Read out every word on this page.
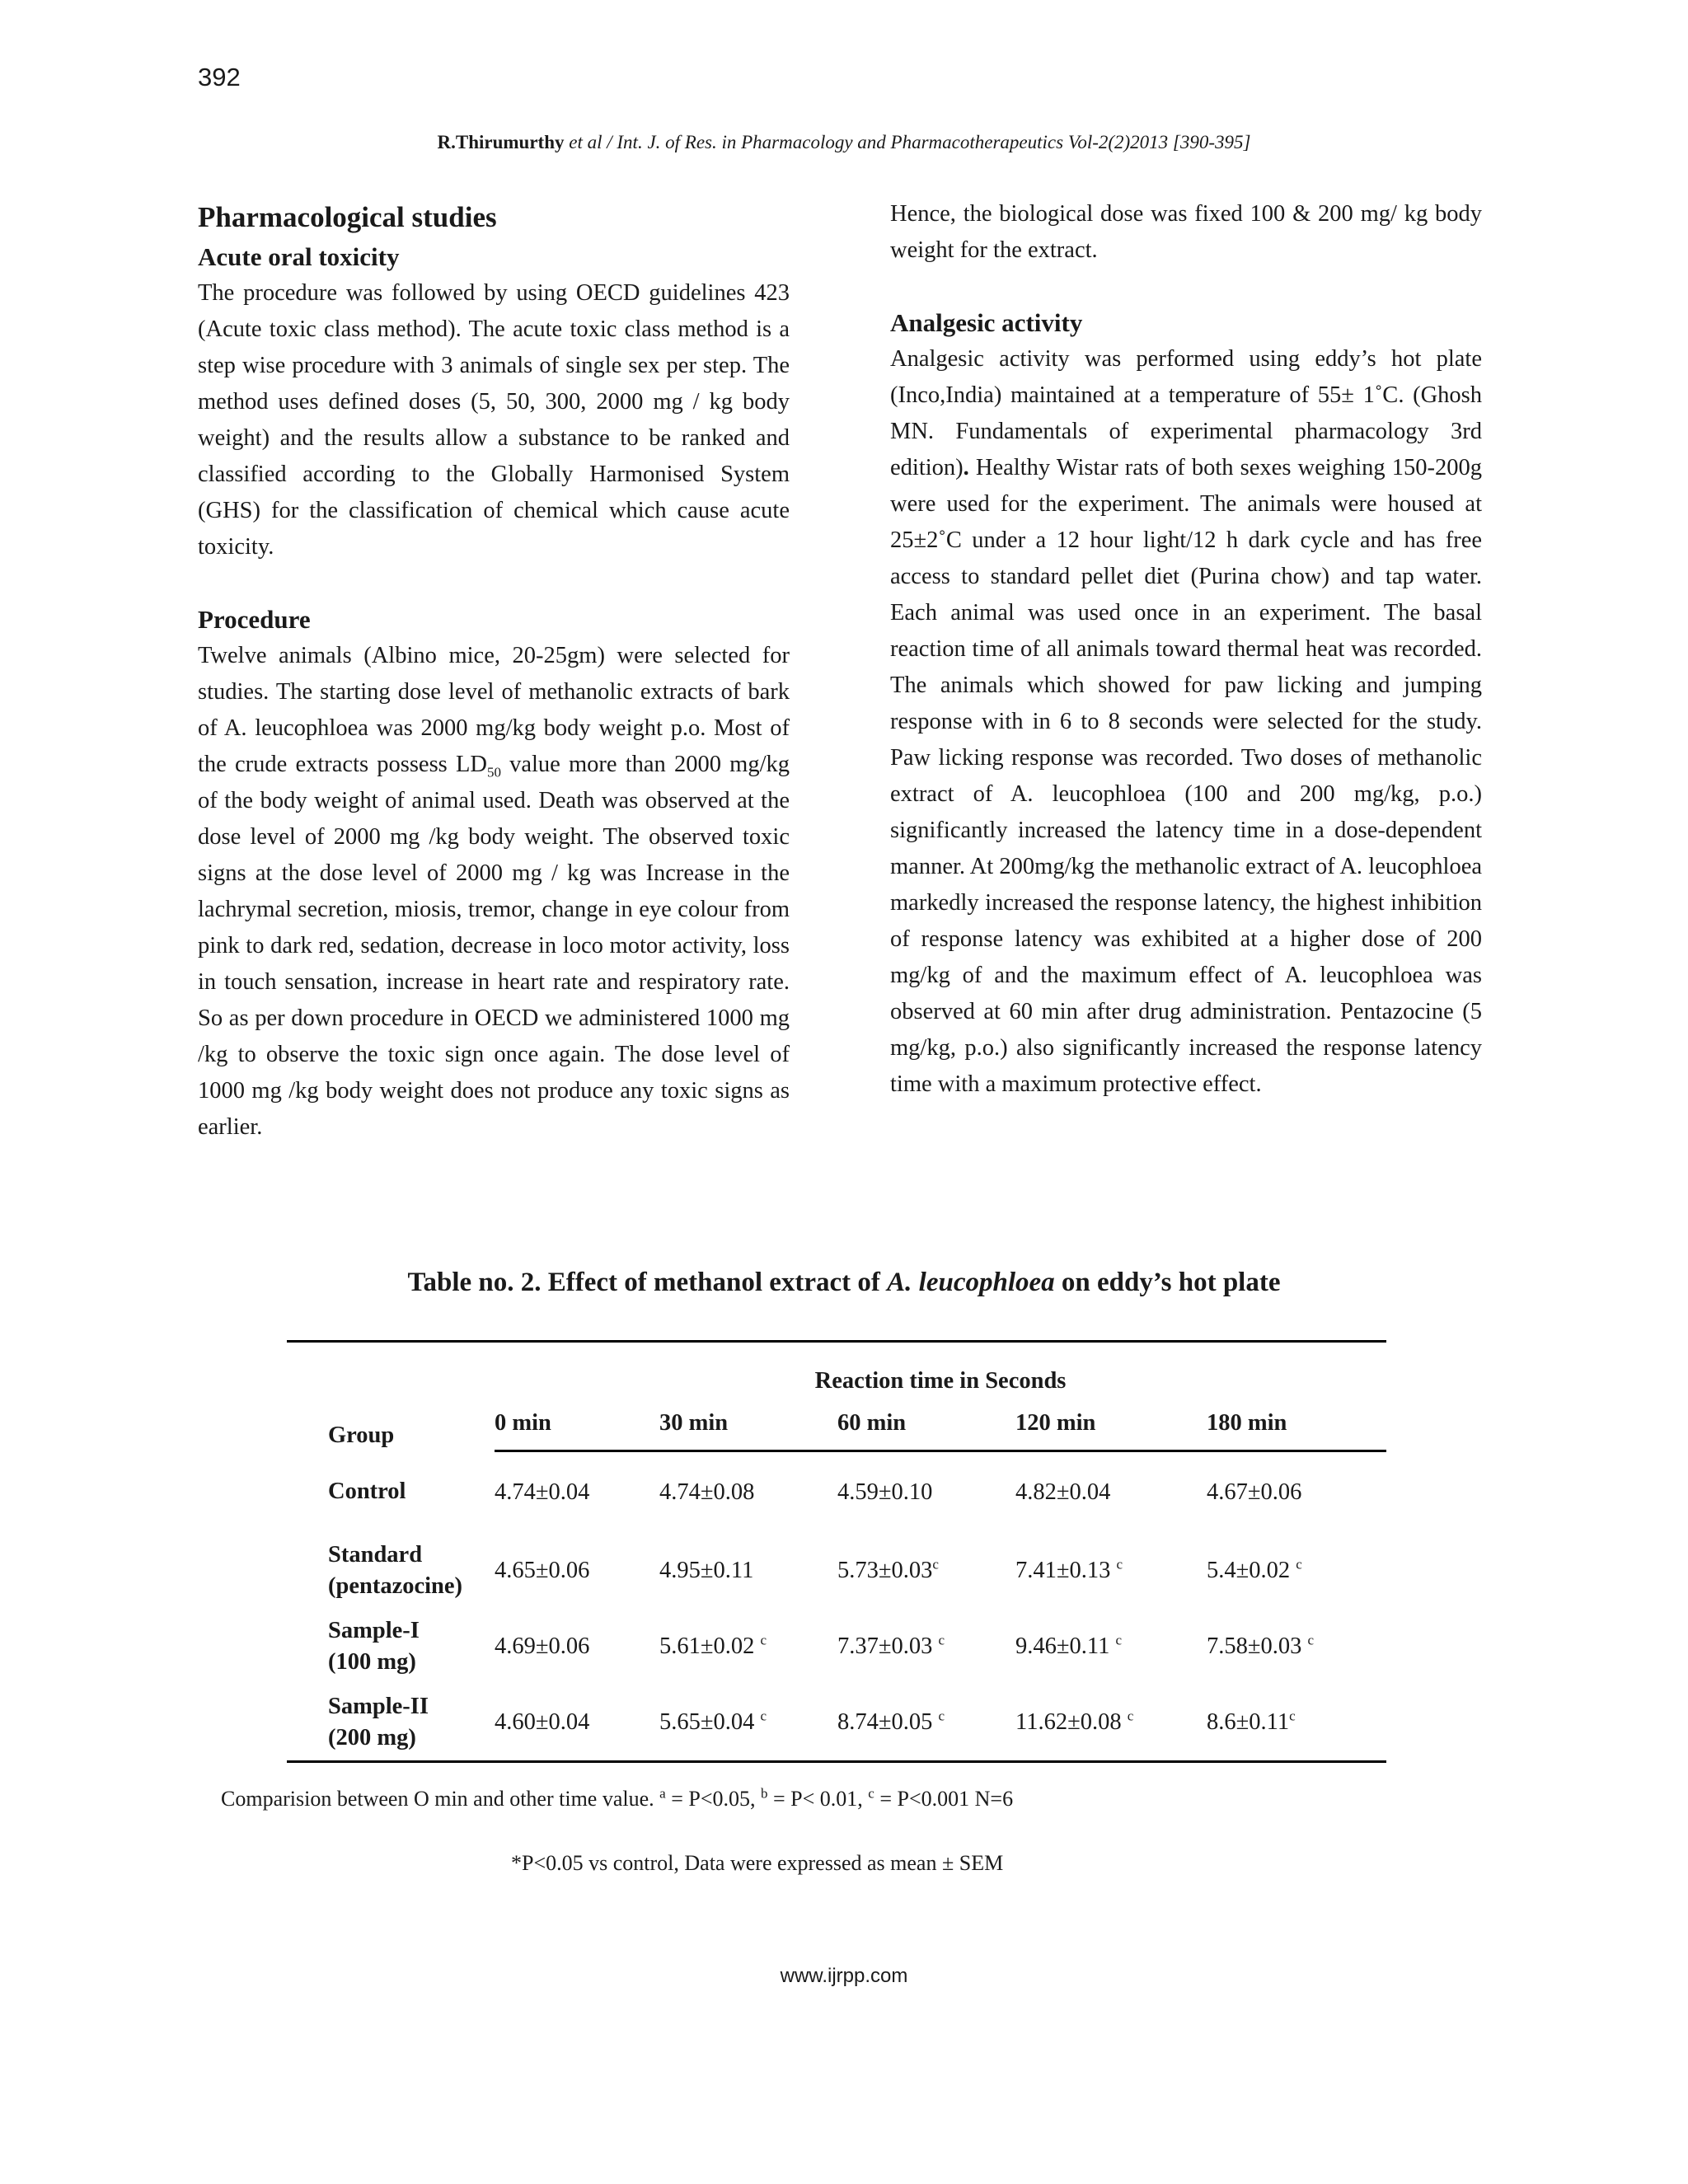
392
R.Thirumurthy et al / Int. J. of Res. in Pharmacology and Pharmacotherapeutics Vol-2(2)2013 [390-395]
Pharmacological studies
Acute oral toxicity

The procedure was followed by using OECD guidelines 423 (Acute toxic class method). The acute toxic class method is a step wise procedure with 3 animals of single sex per step. The method uses defined doses (5, 50, 300, 2000 mg / kg body weight) and the results allow a substance to be ranked and classified according to the Globally Harmonised System (GHS) for the classification of chemical which cause acute toxicity.

Procedure

Twelve animals (Albino mice, 20-25gm) were selected for studies. The starting dose level of methanolic extracts of bark of A. leucophloea was 2000 mg/kg body weight p.o. Most of the crude extracts possess $LD_{50}$ value more than 2000 mg/kg of the body weight of animal used. Death was observed at the dose level of 2000 mg /kg body weight. The observed toxic signs at the dose level of 2000 mg / kg was Increase in the lachrymal secretion, miosis, tremor, change in eye colour from pink to dark red, sedation, decrease in loco motor activity, loss in touch sensation, increase in heart rate and respiratory rate. So as per down procedure in OECD we administered 1000 mg /kg to observe the toxic sign once again. The dose level of 1000 mg /kg body weight does not produce any toxic signs as earlier.

Hence, the biological dose was fixed 100 & 200 mg/ kg body weight for the extract.

Analgesic activity

Analgesic activity was performed using eddy’s hot plate (Inco,India) maintained at a temperature of 55± 1˚C. (Ghosh MN. Fundamentals of experimental pharmacology 3rd edition). Healthy Wistar rats of both sexes weighing 150-200g were used for the experiment. The animals were housed at 25±2˚C under a 12 hour light/12 h dark cycle and has free access to standard pellet diet (Purina chow) and tap water. Each animal was used once in an experiment. The basal reaction time of all animals toward thermal heat was recorded. The animals which showed for paw licking and jumping response with in 6 to 8 seconds were selected for the study. Paw licking response was recorded. Two doses of methanolic extract of A. leucophloea (100 and 200 mg/kg, p.o.) significantly increased the latency time in a dose-dependent manner. At 200mg/kg the methanolic extract of A. leucophloea markedly increased the response latency, the highest inhibition of response latency was exhibited at a higher dose of 200 mg/kg of and the maximum effect of A. leucophloea was observed at 60 min after drug administration. Pentazocine (5 mg/kg, p.o.) also significantly increased the response latency time with a maximum protective effect.

Table no. 2. Effect of methanol extract of A. leucophloea on eddy’s hot plate
Group	Reaction time in Seconds				
	0 min	30 min	60 min	120 min	180 min

Control	4.74±0.04	4.74±0.08	4.59±0.10	4.82±0.04	4.67±0.06

Standard
(pentazocine)	4.65±0.06	4.95±0.11	5.73±0.03$^c$	7.41±0.13 $^c$	5.4±0.02 $^c$

Sample-I
(100 mg)	4.69±0.06	5.61±0.02 $^c$	7.37±0.03 $^c$	9.46±0.11 $^c$	7.58±0.03 $^c$

Sample-II
(200 mg)	4.60±0.04	5.65±0.04 $^c$	8.74±0.05 $^c$	11.62±0.08 $^c$	8.6±0.11$^c$
Comparision between O min and other time value. $^a$ = P<0.05, $^b$ = P< 0.01, $^c$ = P<0.001 N=6
*P<0.05 vs control, Data were expressed as mean ± SEM
www.ijrpp.com
